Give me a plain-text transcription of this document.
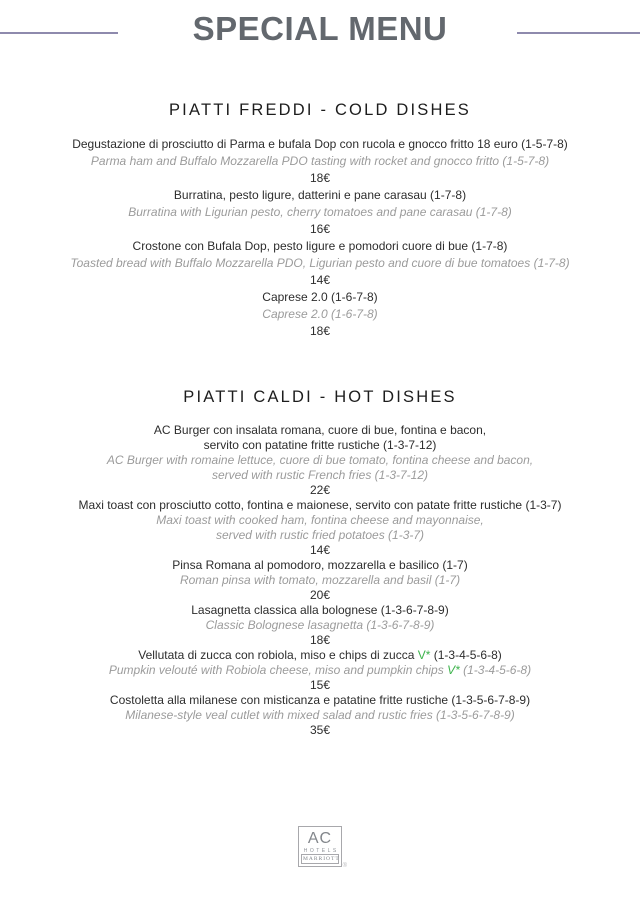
SPECIAL MENU
PIATTI FREDDI - COLD DISHES

Degustazione di prosciutto di Parma e bufala Dop con rucola e gnocco fritto 18 euro (1-5-7-8)

Parma ham and Buffalo Mozzarella PDO tasting with rocket and gnocco fritto (1-5-7-8)

18€

Burratina, pesto ligure, datterini e pane carasau (1-7-8)

Burratina with Ligurian pesto, cherry tomatoes and pane carasau (1-7-8)

16€

Crostone con Bufala Dop, pesto ligure e pomodori cuore di bue (1-7-8)

Toasted bread with Buffalo Mozzarella PDO, Ligurian pesto and cuore di bue tomatoes (1-7-8)

14€

Caprese 2.0 (1-6-7-8)

Caprese 2.0 (1-6-7-8)

18€

PIATTI CALDI - HOT DISHES

AC Burger con insalata romana, cuore di bue, fontina e bacon,
servito con patatine fritte rustiche (1-3-7-12)

AC Burger with romaine lettuce, cuore di bue tomato, fontina cheese and bacon,
served with rustic French fries (1-3-7-12)

22€

Maxi toast con prosciutto cotto, fontina e maionese, servito con patate fritte rustiche (1-3-7)

Maxi toast with cooked ham, fontina cheese and mayonnaise,
served with rustic fried potatoes (1-3-7)

14€

Pinsa Romana al pomodoro, mozzarella e basilico (1-7)

Roman pinsa with tomato, mozzarella and basil (1-7)

20€

Lasagnetta classica alla bolognese (1-3-6-7-8-9)

Classic Bolognese lasagnetta (1-3-6-7-8-9)

18€

Vellutata di zucca con robiola, miso e chips di zucca V* (1-3-4-5-6-8)

Pumpkin velouté with Robiola cheese, miso and pumpkin chips V* (1-3-4-5-6-8)

15€

Costoletta alla milanese con misticanza e patatine fritte rustiche (1-3-5-6-7-8-9)

Milanese-style veal cutlet with mixed salad and rustic fries (1-3-5-6-7-8-9)

35€

AC
HOTELS
MARRIOTT
®
